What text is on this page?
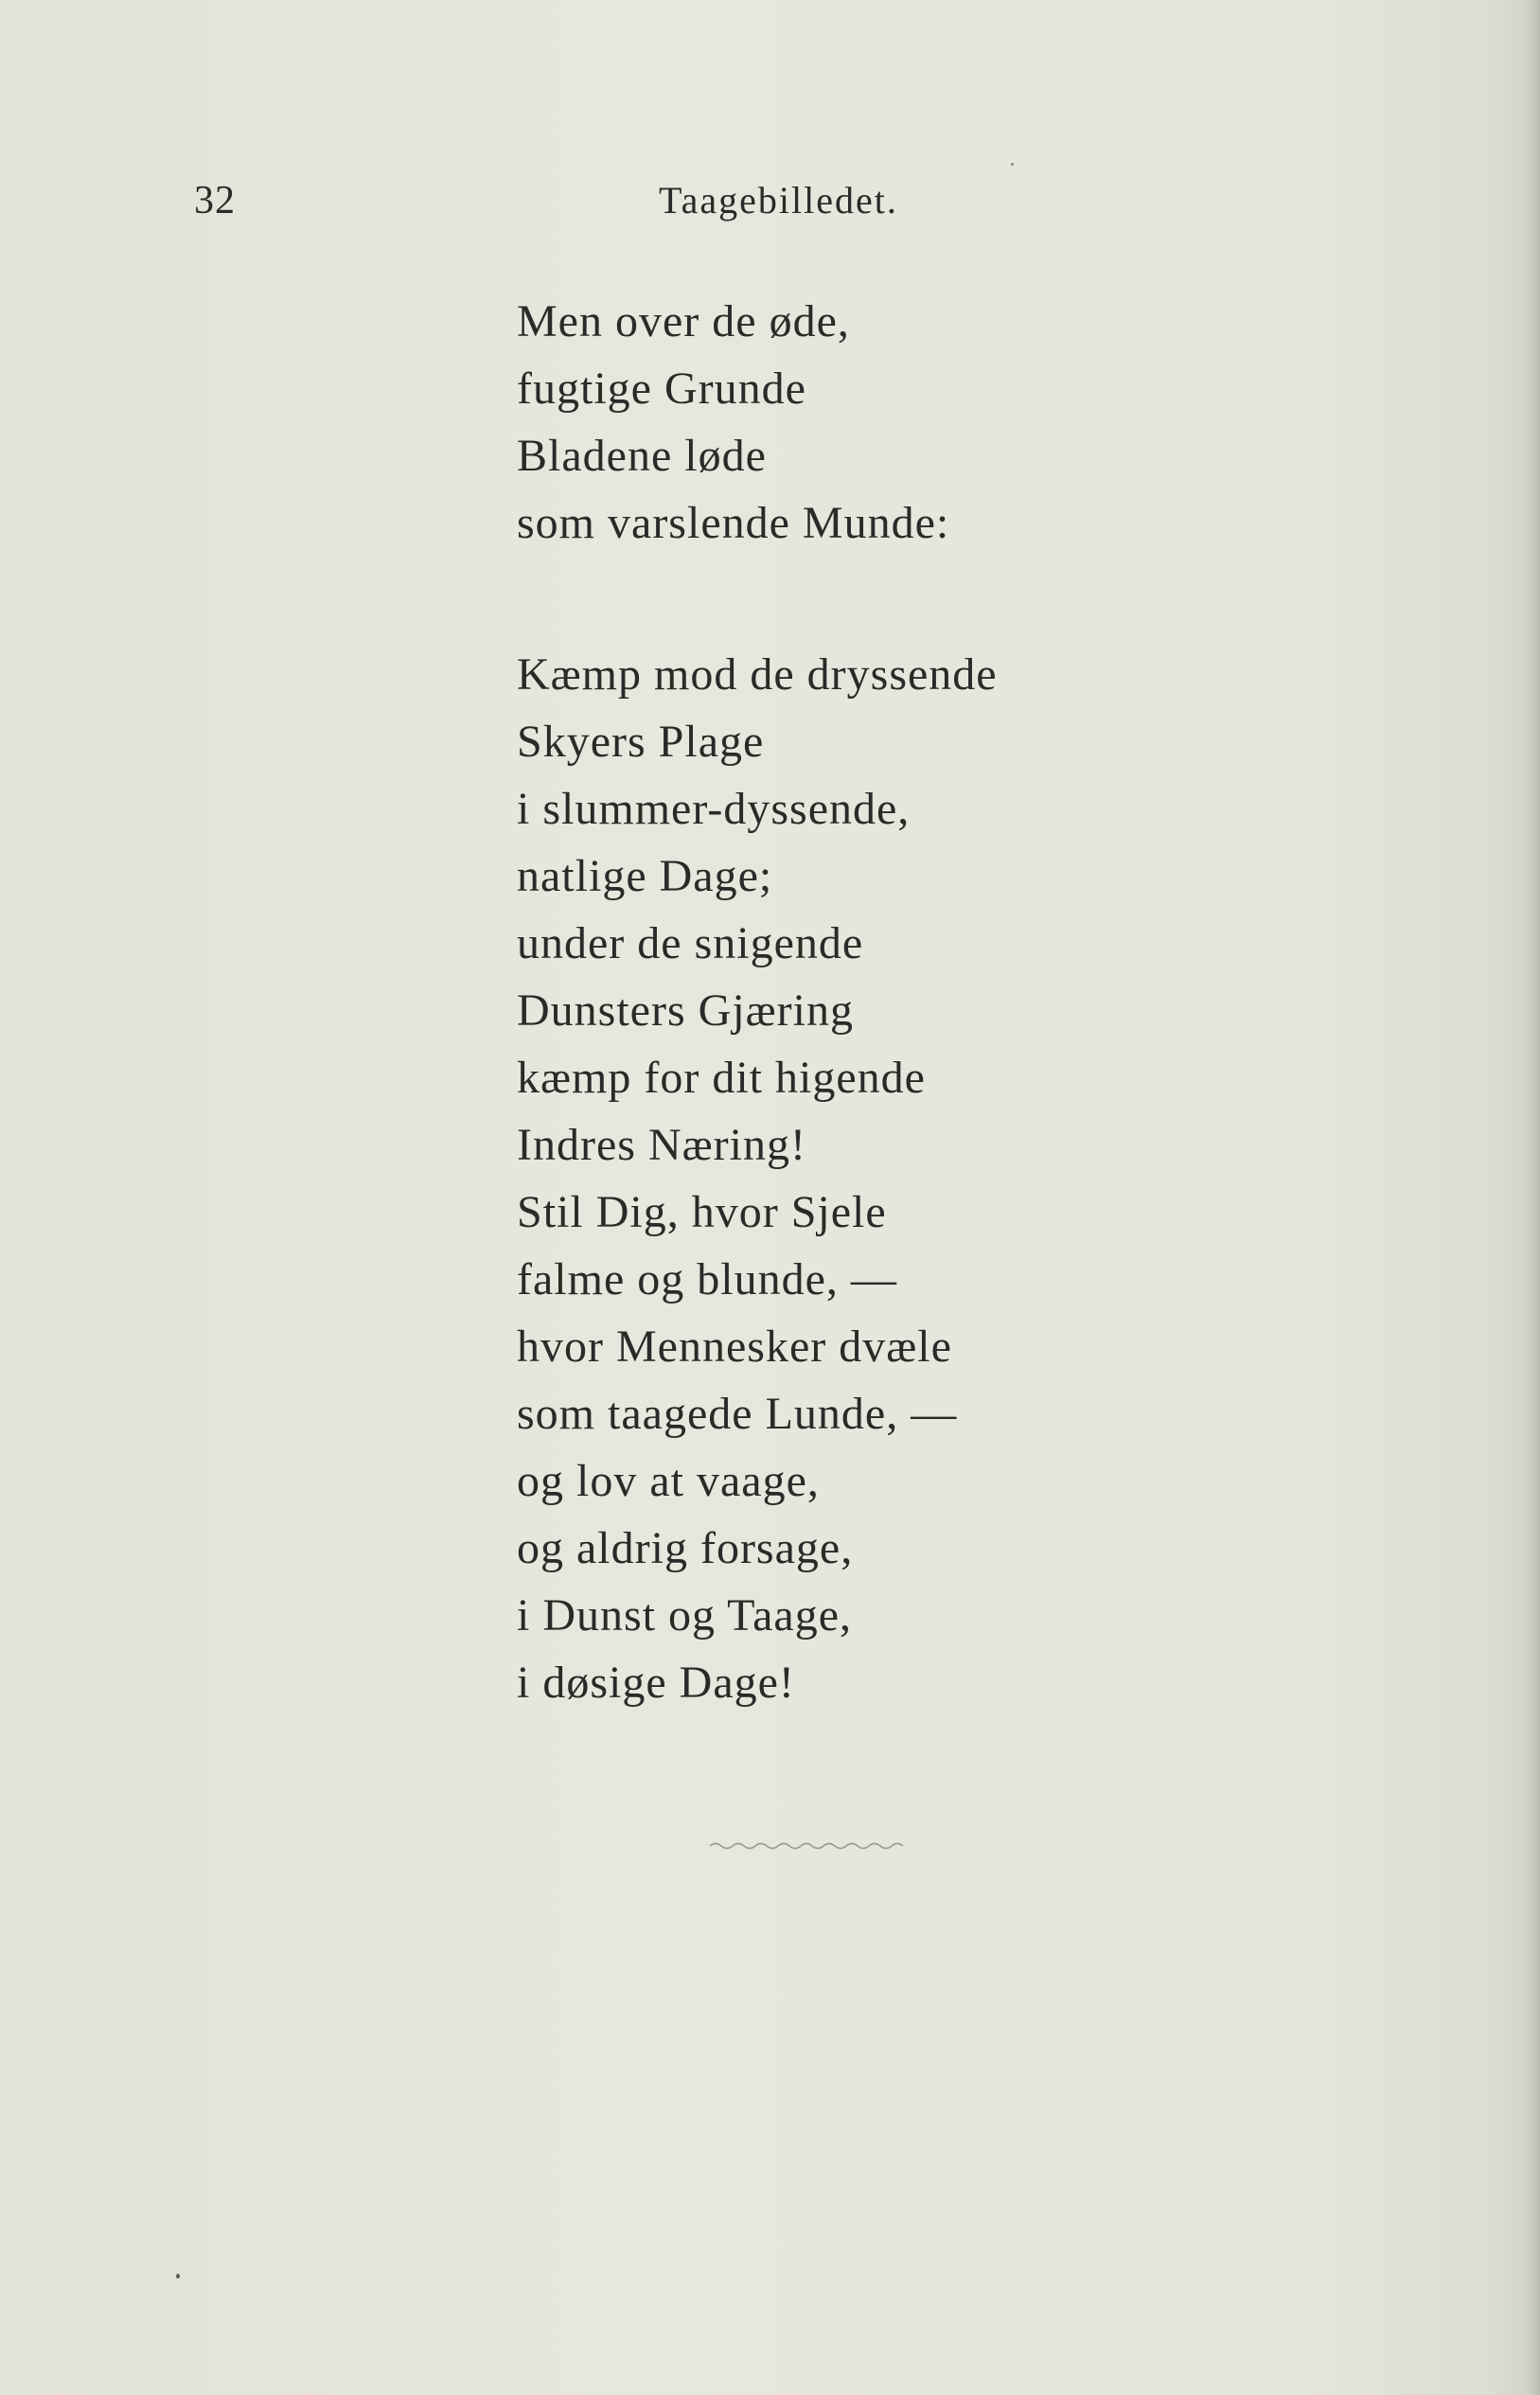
32	Taagebilledet.
Men over de øde,
fugtige Grunde
Bladene løde
som varslende Munde:
Kæmp mod de dryssende
Skyers Plage
i slummer-dyssende,
natlige Dage;
under de snigende
Dunsters Gjæring
kæmp for dit higende
Indres Næring!
Stil Dig, hvor Sjele
falme og blunde, —
hvor Mennesker dvæle
som taagede Lunde, —
og lov at vaage,
og aldrig forsage,
i Dunst og Taage,
i døsige Dage!
